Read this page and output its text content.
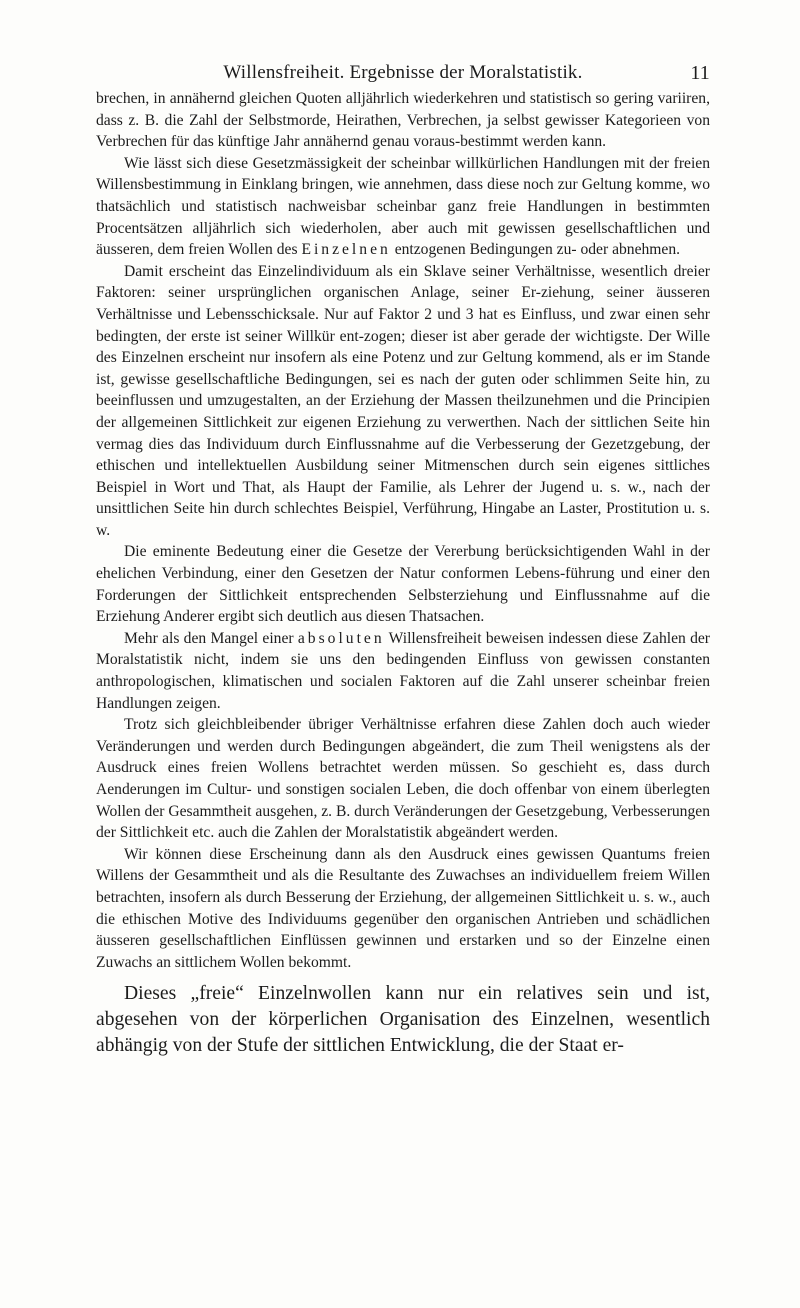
Willensfreiheit. Ergebnisse der Moralstatistik.	11

brechen, in annähernd gleichen Quoten alljährlich wiederkehren und statistisch so gering variiren, dass z. B. die Zahl der Selbstmorde, Heirathen, Verbrechen, ja selbst gewisser Kategorieen von Verbrechen für das künftige Jahr annähernd genau voraus-bestimmt werden kann.

Wie lässt sich diese Gesetzmässigkeit der scheinbar willkürlichen Handlungen mit der freien Willensbestimmung in Einklang bringen, wie annehmen, dass diese noch zur Geltung komme, wo thatsächlich und statistisch nachweisbar scheinbar ganz freie Handlungen in bestimmten Procentsätzen alljährlich sich wiederholen, aber auch mit gewissen gesellschaftlichen und äusseren, dem freien Wollen des Einzelnen entzogenen Bedingungen zu- oder abnehmen.

Damit erscheint das Einzelindividuum als ein Sklave seiner Verhältnisse, wesentlich dreier Faktoren: seiner ursprünglichen organischen Anlage, seiner Er-ziehung, seiner äusseren Verhältnisse und Lebensschicksale. Nur auf Faktor 2 und 3 hat es Einfluss, und zwar einen sehr bedingten, der erste ist seiner Willkür ent-zogen; dieser ist aber gerade der wichtigste. Der Wille des Einzelnen erscheint nur insofern als eine Potenz und zur Geltung kommend, als er im Stande ist, gewisse gesellschaftliche Bedingungen, sei es nach der guten oder schlimmen Seite hin, zu beeinflussen und umzugestalten, an der Erziehung der Massen theilzunehmen und die Principien der allgemeinen Sittlichkeit zur eigenen Erziehung zu verwerthen. Nach der sittlichen Seite hin vermag dies das Individuum durch Einflussnahme auf die Verbesserung der Gezetzgebung, der ethischen und intellektuellen Ausbildung seiner Mitmenschen durch sein eigenes sittliches Beispiel in Wort und That, als Haupt der Familie, als Lehrer der Jugend u. s. w., nach der unsittlichen Seite hin durch schlechtes Beispiel, Verführung, Hingabe an Laster, Prostitution u. s. w.

Die eminente Bedeutung einer die Gesetze der Vererbung berücksichtigenden Wahl in der ehelichen Verbindung, einer den Gesetzen der Natur conformen Lebens-führung und einer den Forderungen der Sittlichkeit entsprechenden Selbsterziehung und Einflussnahme auf die Erziehung Anderer ergibt sich deutlich aus diesen Thatsachen.

Mehr als den Mangel einer absoluten Willensfreiheit beweisen indessen diese Zahlen der Moralstatistik nicht, indem sie uns den bedingenden Einfluss von gewissen constanten anthropologischen, klimatischen und socialen Faktoren auf die Zahl unserer scheinbar freien Handlungen zeigen.

Trotz sich gleichbleibender übriger Verhältnisse erfahren diese Zahlen doch auch wieder Veränderungen und werden durch Bedingungen abgeändert, die zum Theil wenigstens als der Ausdruck eines freien Wollens betrachtet werden müssen. So geschieht es, dass durch Aenderungen im Cultur- und sonstigen socialen Leben, die doch offenbar von einem überlegten Wollen der Gesammtheit ausgehen, z. B. durch Veränderungen der Gesetzgebung, Verbesserungen der Sittlichkeit etc. auch die Zahlen der Moralstatistik abgeändert werden.

Wir können diese Erscheinung dann als den Ausdruck eines gewissen Quantums freien Willens der Gesammtheit und als die Resultante des Zuwachses an individuellem freiem Willen betrachten, insofern als durch Besserung der Erziehung, der allgemeinen Sittlichkeit u. s. w., auch die ethischen Motive des Individuums gegenüber den organischen Antrieben und schädlichen äusseren gesellschaftlichen Einflüssen gewinnen und erstarken und so der Einzelne einen Zuwachs an sittlichem Wollen bekommt.

Dieses „freie“ Einzelnwollen kann nur ein relatives sein und ist, abgesehen von der körperlichen Organisation des Einzelnen, wesentlich abhängig von der Stufe der sittlichen Entwicklung, die der Staat er-
